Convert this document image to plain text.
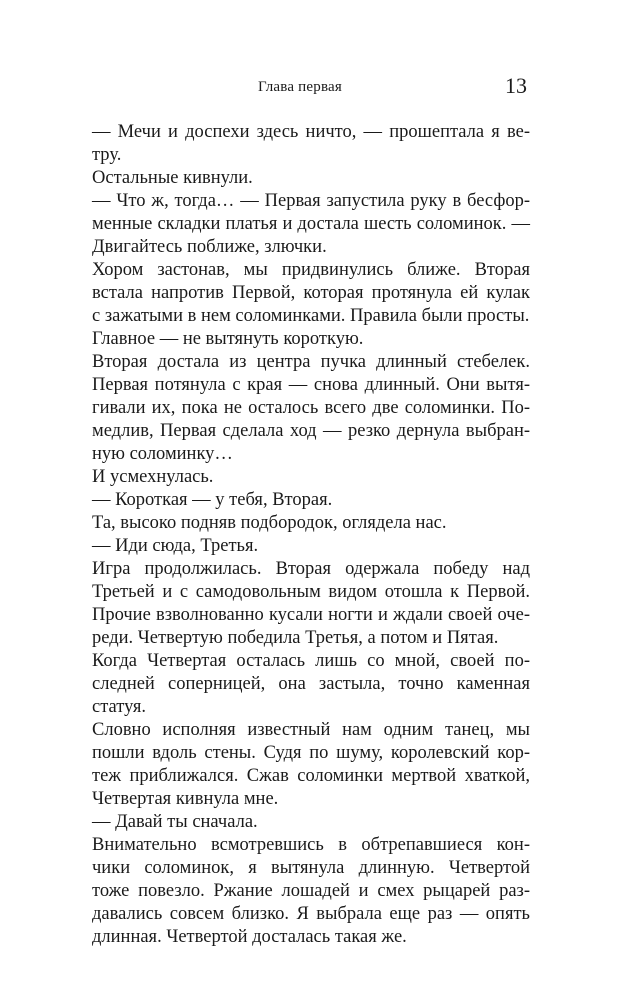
Глава первая	13
— Мечи и доспехи здесь ничто, — прошептала я ве-
тру.
Остальные кивнули.
— Что ж, тогда… — Первая запустила руку в бесфор-
менные складки платья и достала шесть соломинок. —
Двигайтесь поближе, злючки.
Хором застонав, мы придвинулись ближе. Вторая
встала напротив Первой, которая протянула ей кулак
с зажатыми в нем соломинками. Правила были просты.
Главное — не вытянуть короткую.
Вторая достала из центра пучка длинный стебелек.
Первая потянула с края — снова длинный. Они вытя-
гивали их, пока не осталось всего две соломинки. По-
медлив, Первая сделала ход — резко дернула выбран-
ную соломинку…
И усмехнулась.
— Короткая — у тебя, Вторая.
Та, высоко подняв подбородок, оглядела нас.
— Иди сюда, Третья.
Игра продолжилась. Вторая одержала победу над
Третьей и с самодовольным видом отошла к Первой.
Прочие взволнованно кусали ногти и ждали своей оче-
реди. Четвертую победила Третья, а потом и Пятая.
Когда Четвертая осталась лишь со мной, своей по-
следней соперницей, она застыла, точно каменная
статуя.
Словно исполняя известный нам одним танец, мы
пошли вдоль стены. Судя по шуму, королевский кор-
теж приближался. Сжав соломинки мертвой хваткой,
Четвертая кивнула мне.
— Давай ты сначала.
Внимательно всмотревшись в обтрепавшиеся кон-
чики соломинок, я вытянула длинную. Четвертой
тоже повезло. Ржание лошадей и смех рыцарей раз-
давались совсем близко. Я выбрала еще раз — опять
длинная. Четвертой досталась такая же.
